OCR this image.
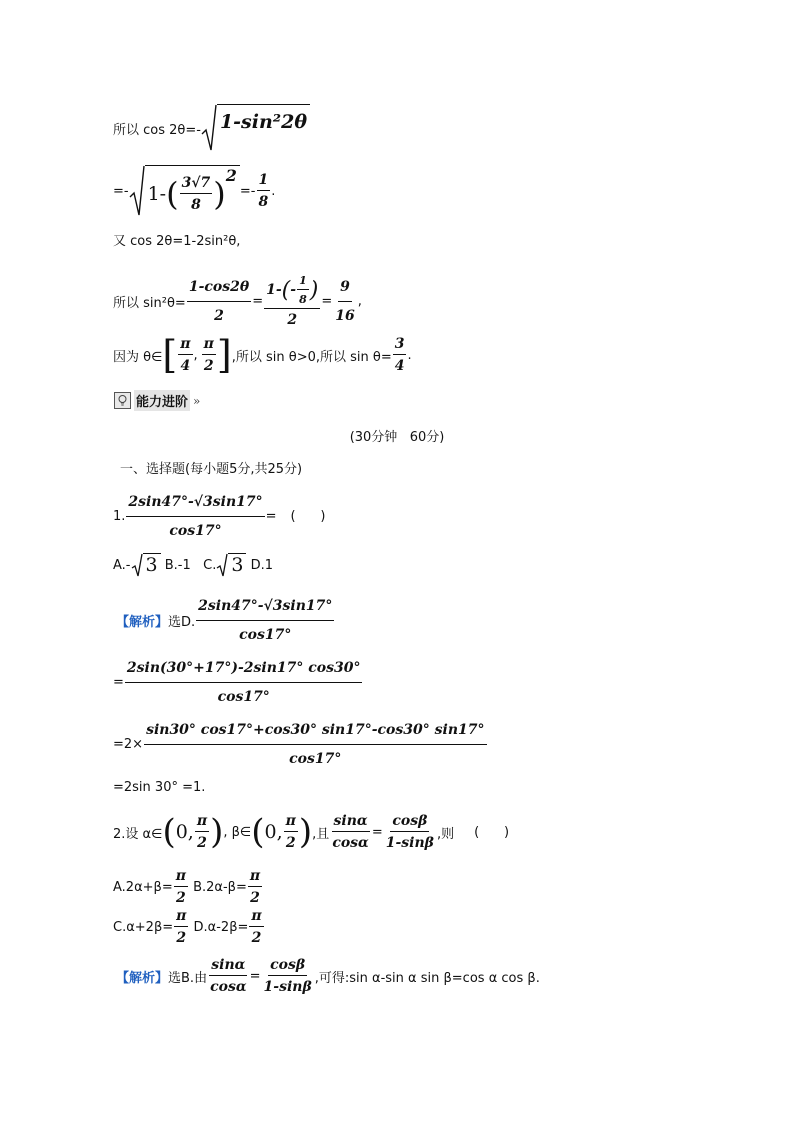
所以 cos 2θ=- 1-sin²2θ
=- 1- ( $\frac{3√7}{8}$ ) 2
=- $\frac{1}{8}$ .
又 cos 2θ=1-2sin²θ,
所以 $\sin^2\theta= \frac{1-\cos 2\theta}{2} = \frac{1- ( - \frac{1}{8} )}{2} = \frac{9}{16}$ ,
因为 θ∈ [ $\frac{\pi}{4}$ , $\frac{\pi}{2}$ ] ,所以 sin θ>0,所以 $\sin \theta= \frac{3}{4}$ .
能力进阶 »
(30分钟   60分)
一、选择题(每小题5分,共25分)
1. $\frac{2\sin 47^\circ-√3\sin 17^\circ}{\cos 17^\circ}$ = (      )
A.- 3 B.-1   C. 3 D.1
【解析】 选D. $\frac{2\sin 47^\circ-√3\sin 17^\circ}{\cos 17^\circ}$
= $\frac{2\sin(30^\circ+17^\circ)-2\sin 17^\circ \cos 30^\circ}{\cos 17^\circ}$
$=2\times \frac{\sin 30^\circ \cos 17^\circ+\cos 30^\circ \sin 17^\circ-\cos 30^\circ \sin 17^\circ}{\cos 17^\circ}$
=2sin 30° =1.
2.设 α∈ ( 0, $\frac{\pi}{2}$ ) , β∈ ( 0, $\frac{\pi}{2}$ ) ,且 $\frac{\sin\alpha}{\cos\alpha} = \frac{\cos\beta}{1-\sin\beta}$ ,则 (      )
$A.2\alpha+\beta= \frac{\pi}{2} B.2\alpha-\beta= \frac{\pi}{2}$
$C.\alpha+2\beta= \frac{\pi}{2} D.\alpha-2\beta= \frac{\pi}{2}$
【解析】 选B.由 $\frac{\sin\alpha}{\cos\alpha} = \frac{\cos\beta}{1-\sin\beta}$ ,可得:sin α-sin α sin β=cos α cos β.
